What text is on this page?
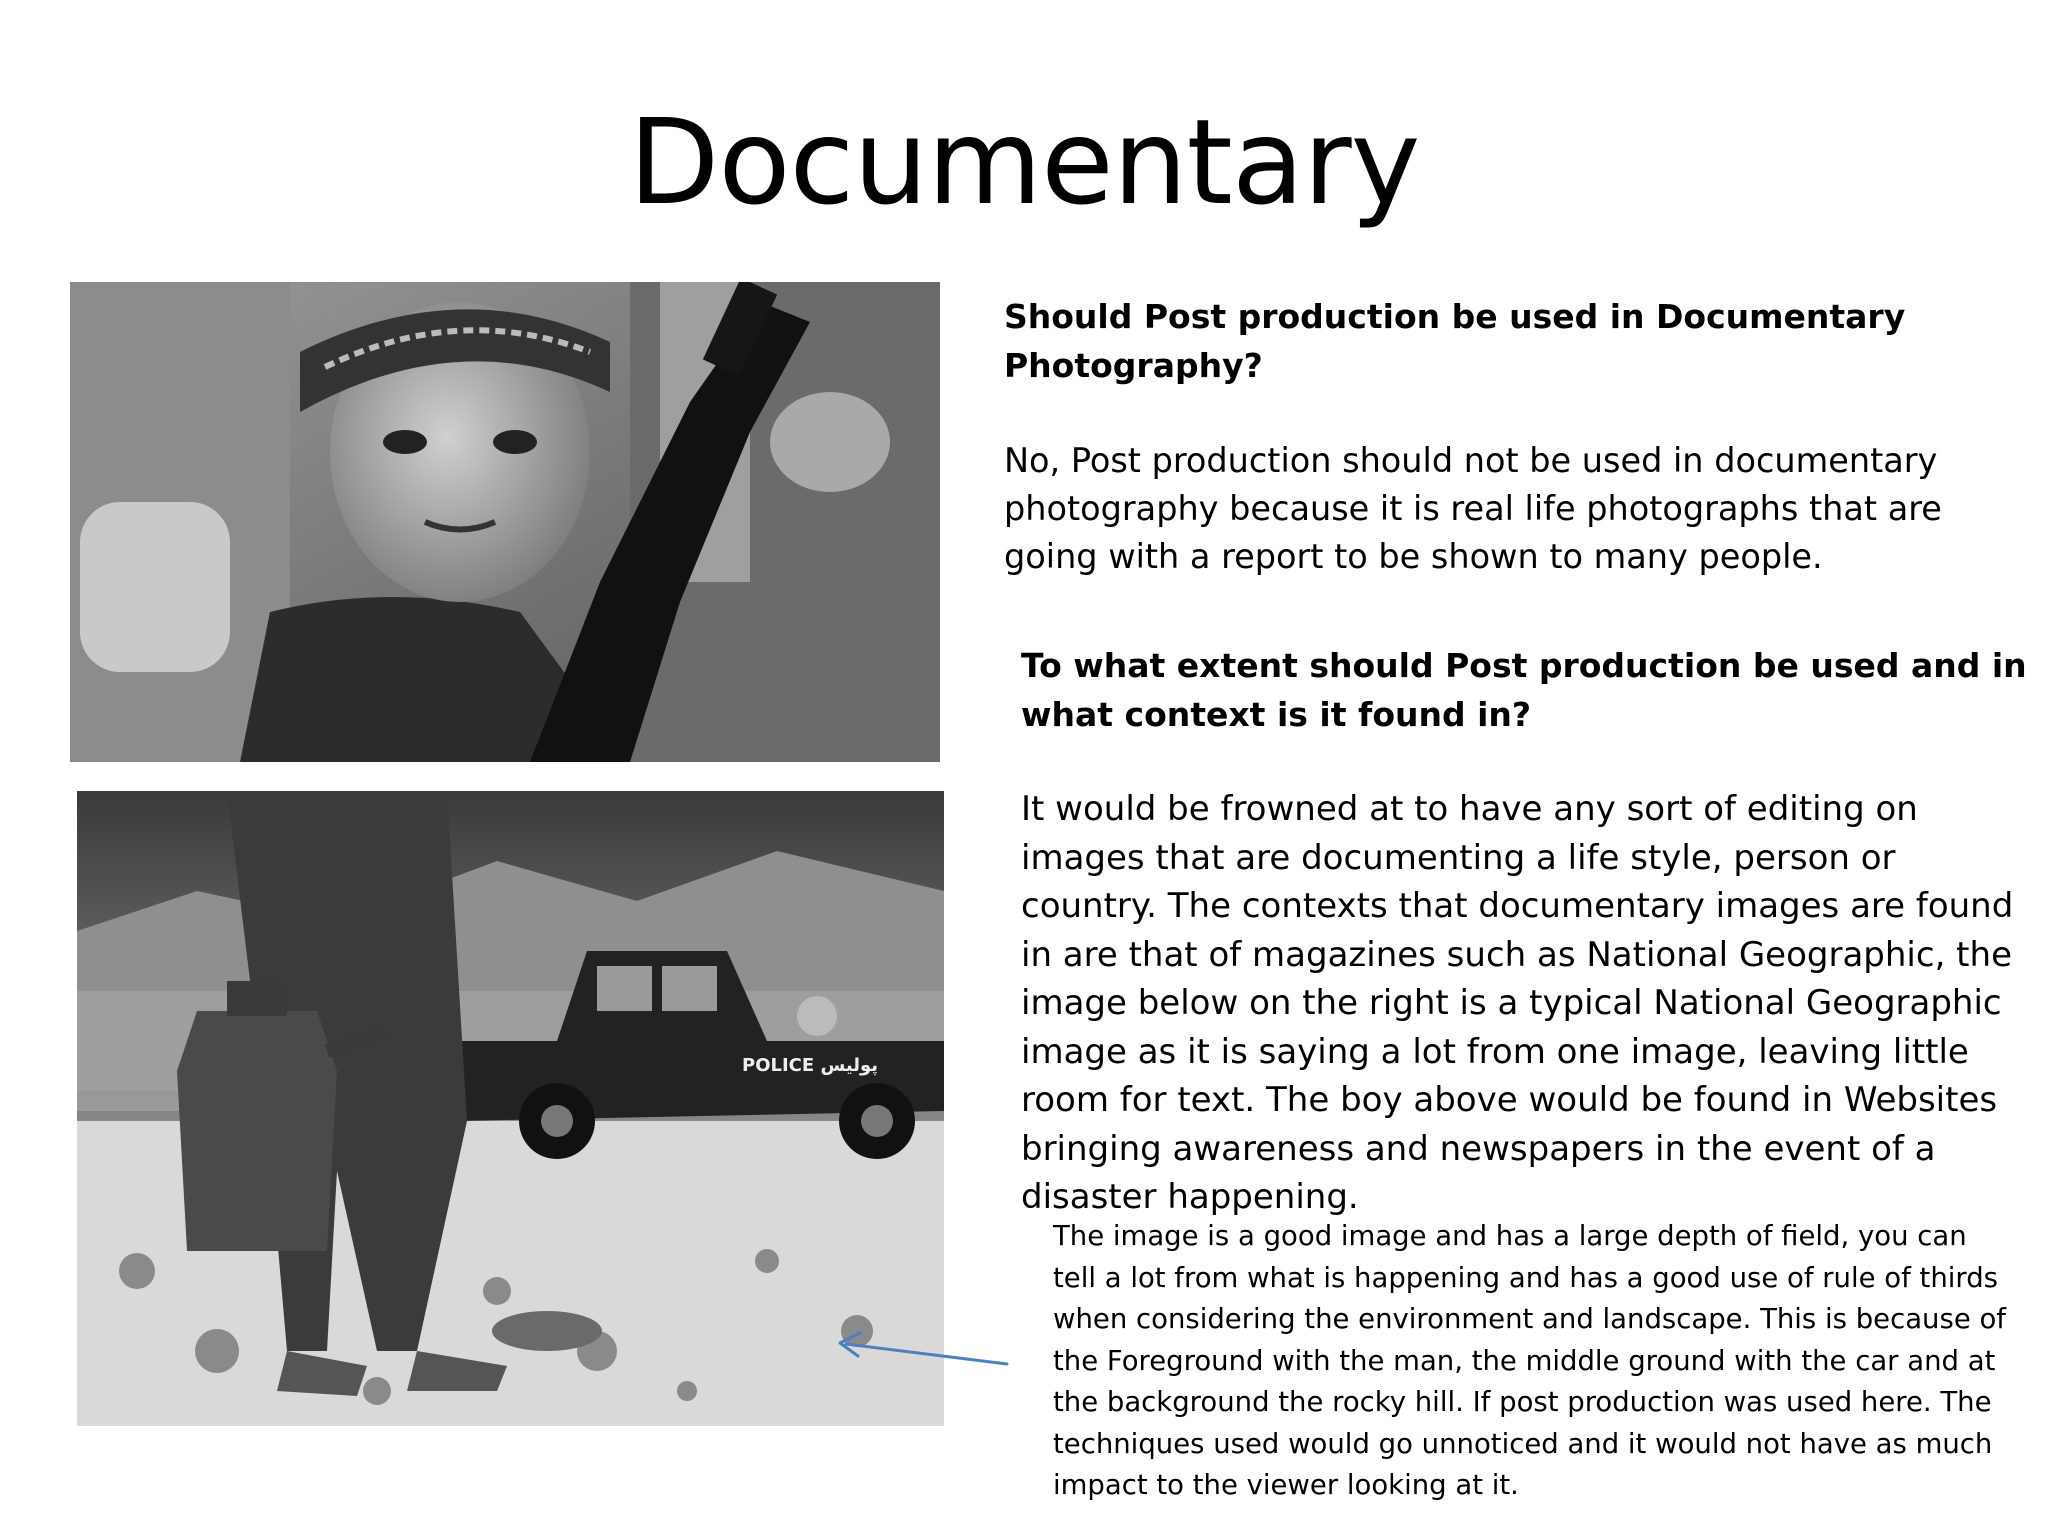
Documentary
POLICE پولیس
Should Post production be used in Documentary Photography?

No, Post production should not be used in documentary photography because it is real life photographs that are going with a report to be shown to many people.

To what extent should Post production be used and in what context is it found in?

It would be frowned at to have any sort of editing on images that are documenting a life style, person or country. The contexts that documentary images are found in are that of magazines such as National Geographic, the image below on the right is a typical National Geographic image as it is saying a lot from one image, leaving little room for text. The boy above would be found in Websites bringing awareness and newspapers in the event of a disaster happening.

The image is a good image and has a large depth of field, you can tell a lot from what is happening and has a good use of rule of thirds when considering the environment and landscape. This is because of the Foreground with the man, the middle ground with the car and at the background the rocky hill. If post production was used here. The techniques used would go unnoticed and it would not have as much impact to the viewer looking at it.
